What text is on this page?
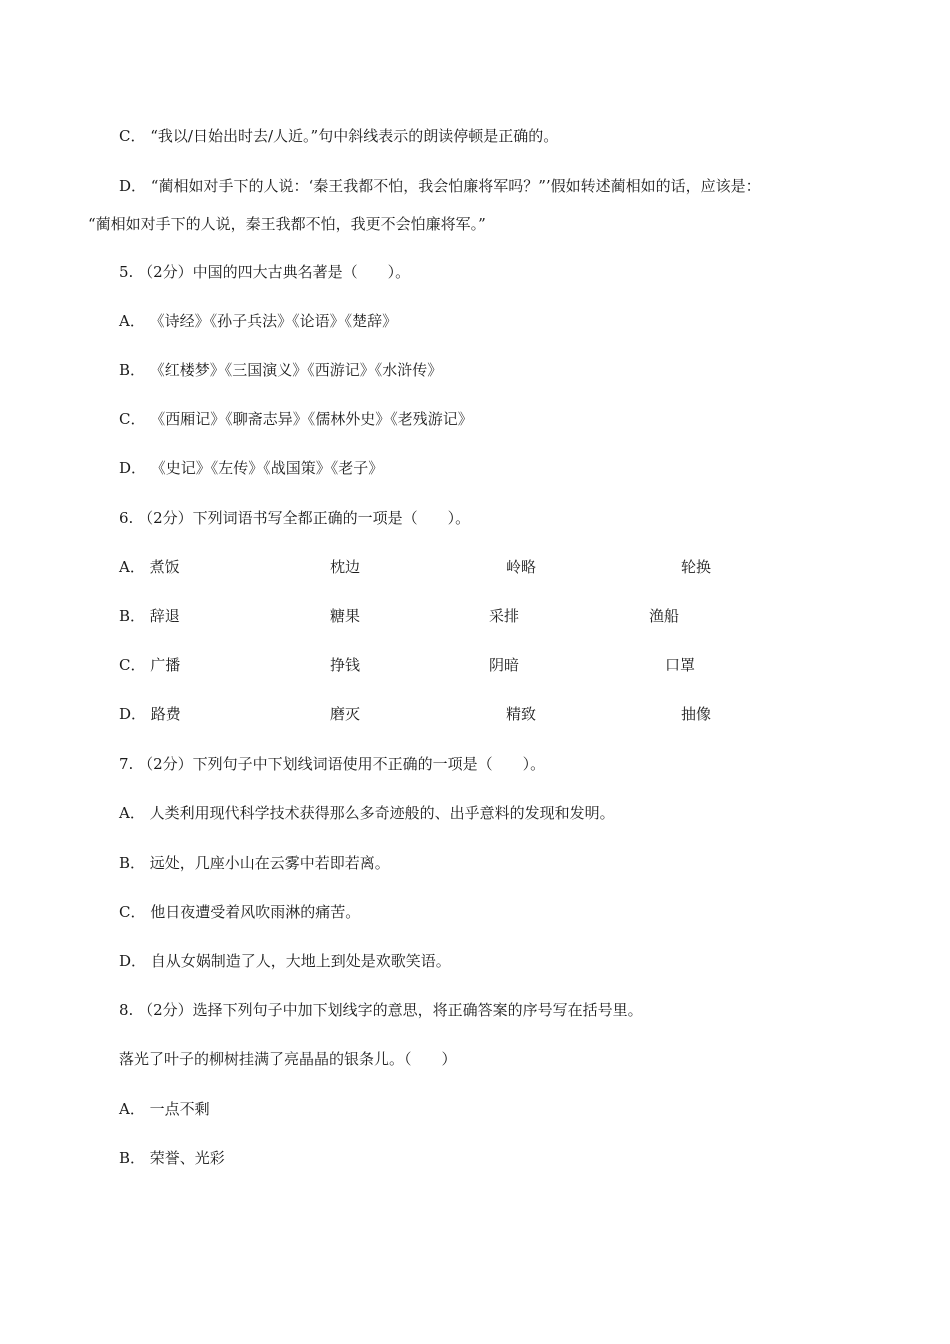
C． “我以/日始出时去/人近。”句中斜线表示的朗读停顿是正确的。
D． “蔺相如对手下的人说：‘秦王我都不怕，我会怕廉将军吗？”’假如转述蔺相如的话，应该是：
“蔺相如对手下的人说，秦王我都不怕，我更不会怕廉将军。”
5. （2分）中国的四大古典名著是（　　）。
A． 《诗经》《孙子兵法》《论语》《楚辞》
B． 《红楼梦》《三国演义》《西游记》《水浒传》
C． 《西厢记》《聊斋志异》《儒林外史》《老残游记》
D． 《史记》《左传》《战国策》《老子》
6. （2分）下列词语书写全都正确的一项是（　　）。
A． 煮饭	枕边	岭略	轮换
B． 辞退	糖果	采排	渔船
C． 广播	挣钱	阴暗	口罩
D． 路费	磨灭	精致	抽像
7. （2分）下列句子中下划线词语使用不正确的一项是（　　）。
A． 人类利用现代科学技术获得那么多奇迹般的、出乎意料的发现和发明。
B． 远处，几座小山在云雾中若即若离。
C． 他日夜遭受着风吹雨淋的痛苦。
D． 自从女娲制造了人，大地上到处是欢歌笑语。
8. （2分）选择下列句子中加下划线字的意思，将正确答案的序号写在括号里。
落光了叶子的柳树挂满了亮晶晶的银条儿。（　　）
A． 一点不剩
B． 荣誉、光彩
